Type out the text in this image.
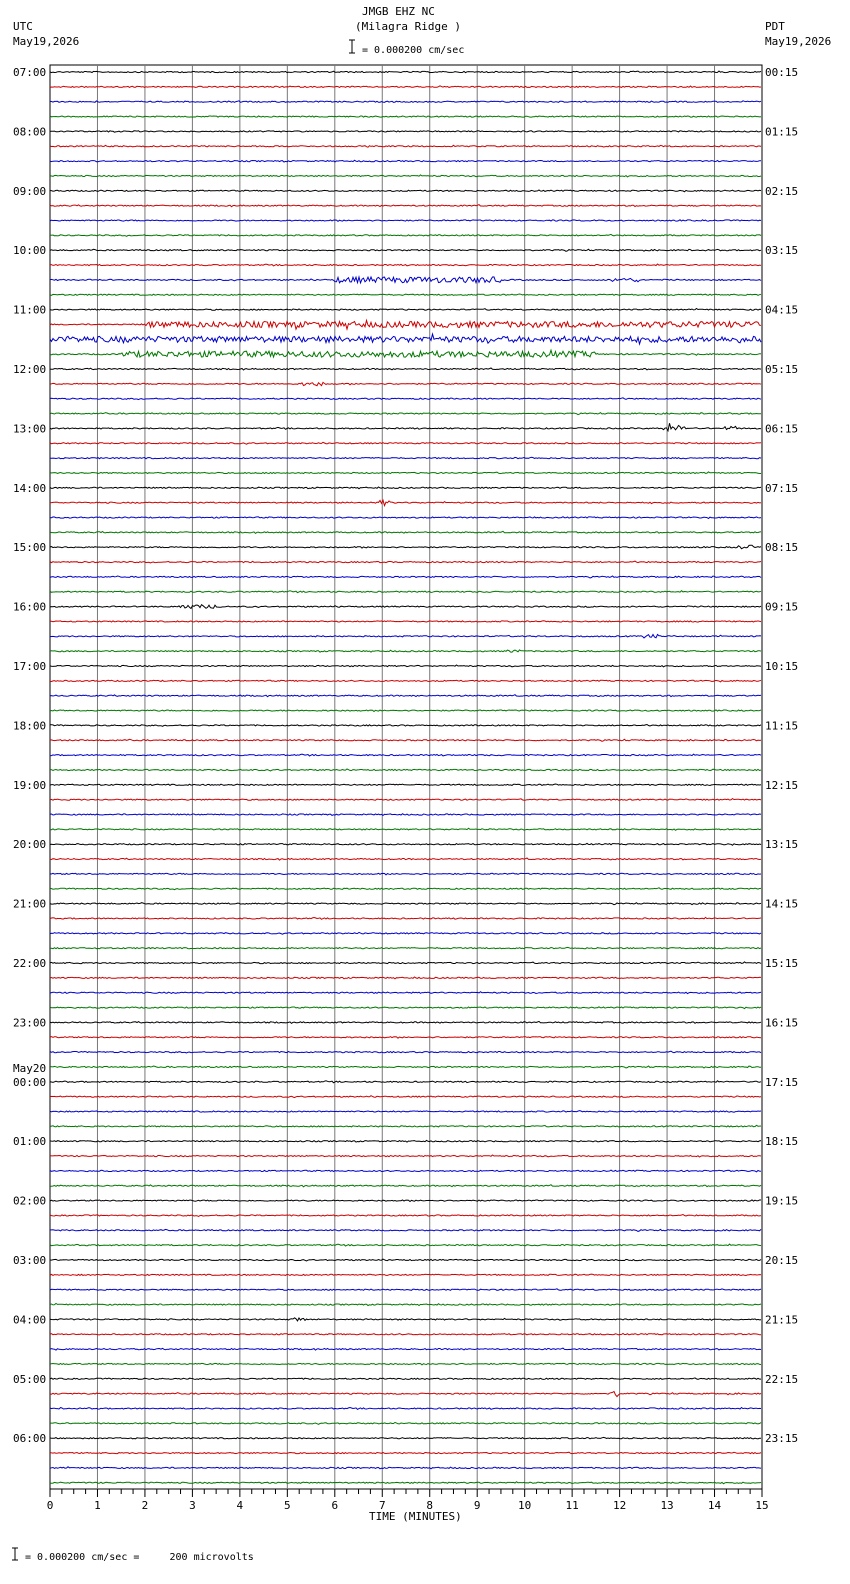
JMGB EHZ NC
(Milagra Ridge )
= 0.000200 cm/sec
UTC
May19,2026
PDT
May19,2026
TIME (MINUTES)
= 0.000200 cm/sec =     200 microvolts
07:00
08:00
09:00
10:00
11:00
12:00
13:00
14:00
15:00
16:00
17:00
18:00
19:00
20:00
21:00
22:00
23:00
00:00
01:00
02:00
03:00
04:00
05:00
06:00
00:15
01:15
02:15
03:15
04:15
05:15
06:15
07:15
08:15
09:15
10:15
11:15
12:15
13:15
14:15
15:15
16:15
17:15
18:15
19:15
20:15
21:15
22:15
23:15
May20
0	1	2	3	4	5	6	7	8	9	10	11	12	13	14	15
